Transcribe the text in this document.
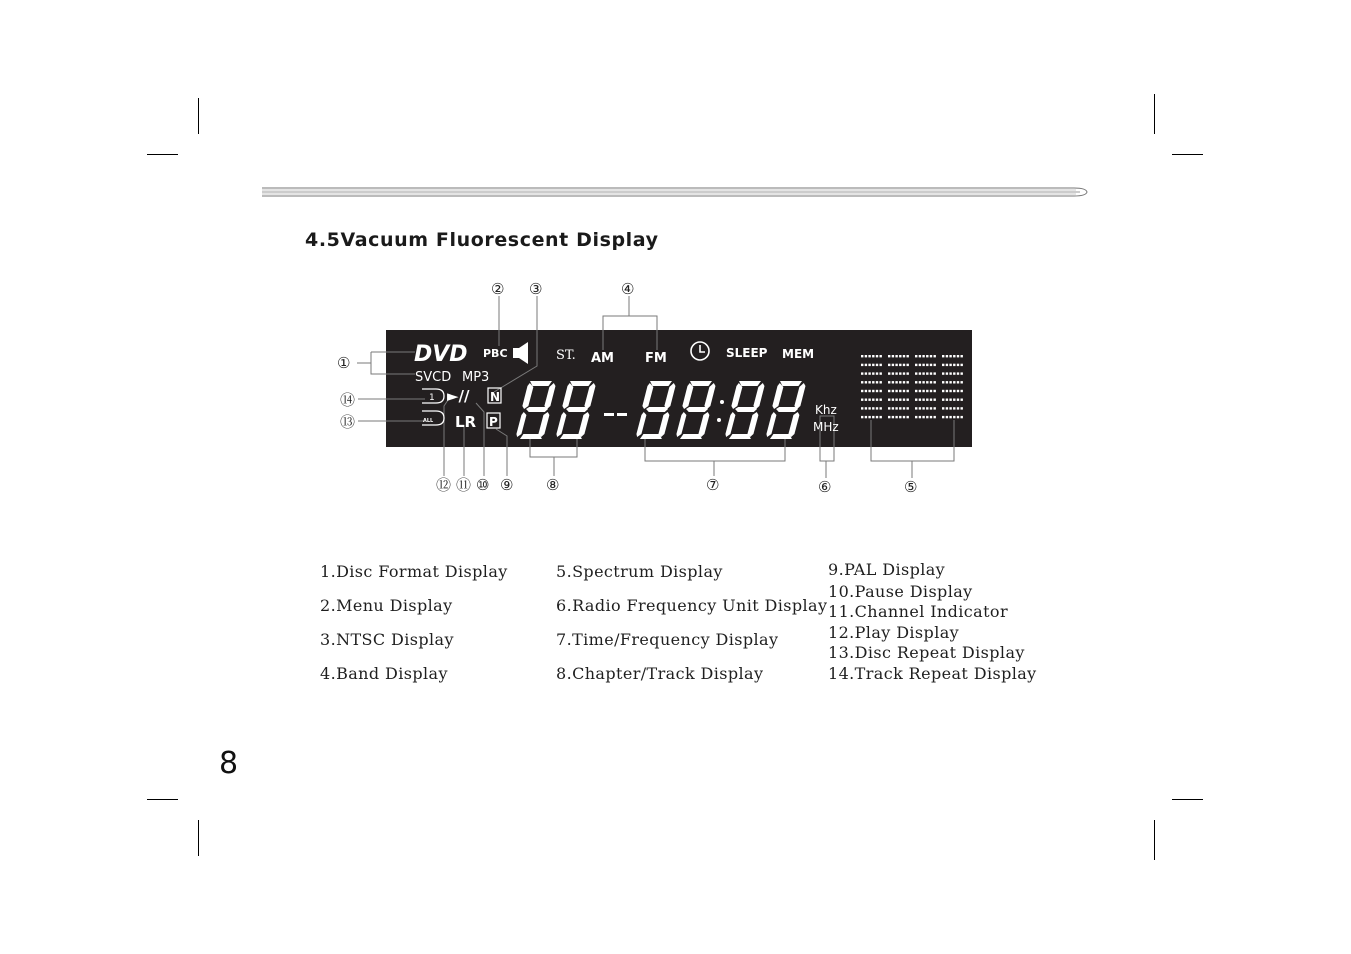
4.5Vacuum Fluorescent Display
DVD PBC
SVCD MP3
1
ALL
►// N
LR P
ST. AM FM	SLEEP MEM
Khz
MHz
①
② ③	④
⑤
⑥
⑦
⑧
⑨
⑩
⑪
⑫
⑬
⑭
1.Disc Format Display
2.Menu Display
3.NTSC Display
4.Band Display
5.Spectrum Display
6.Radio Frequency Unit Display
7.Time/Frequency Display
8.Chapter/Track Display
9.PAL Display
10.Pause Display
11.Channel Indicator
12.Play Display
13.Disc Repeat Display
14.Track Repeat Display
8
